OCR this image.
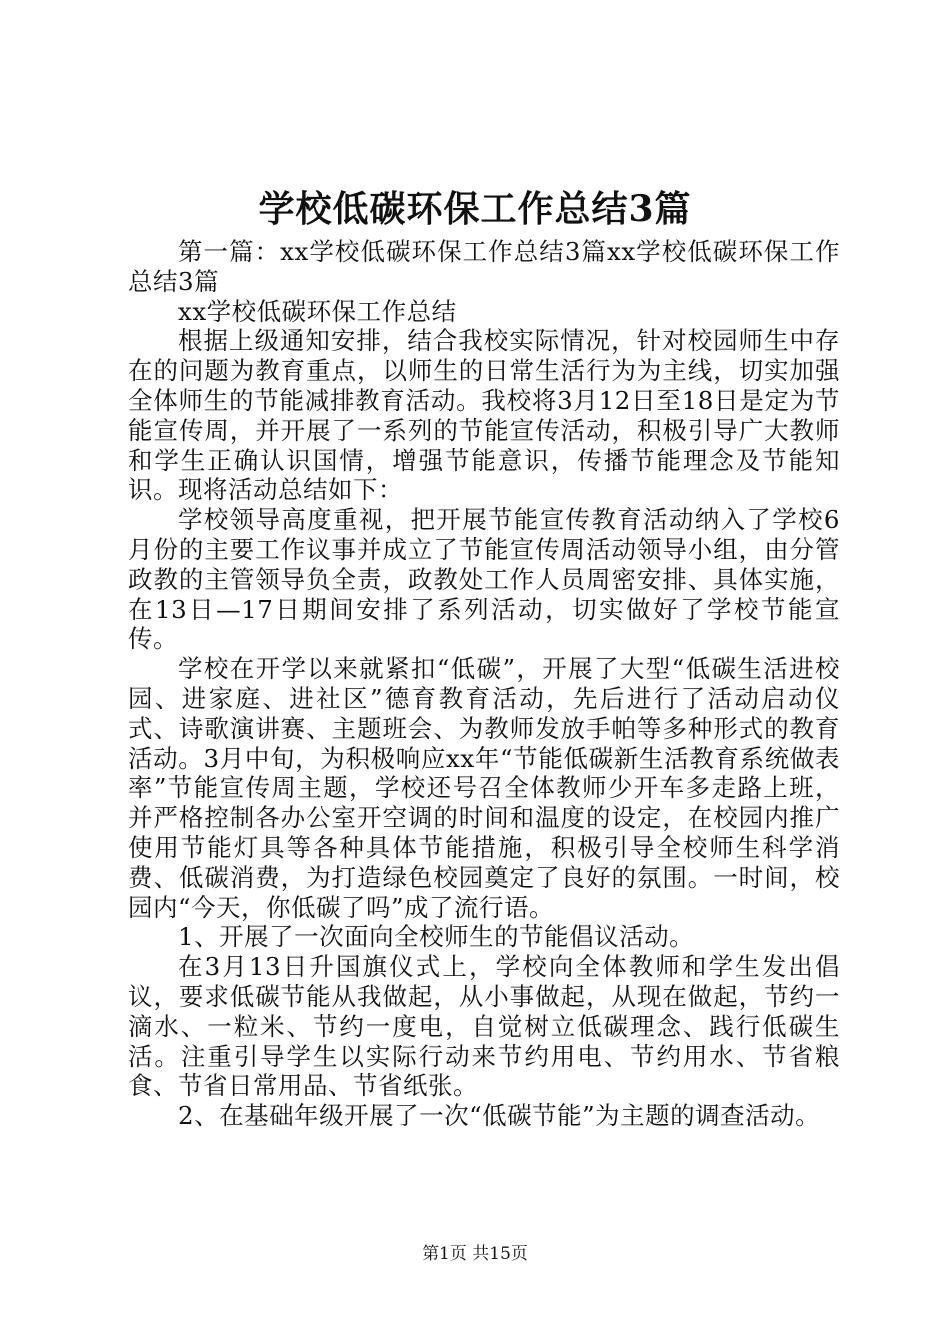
学校低碳环保工作总结3篇

第一篇：xx学校低碳环保工作总结3篇xx学校低碳环保工作总结3篇

xx学校低碳环保工作总结

根据上级通知安排，结合我校实际情况，针对校园师生中存在的问题为教育重点，以师生的日常生活行为为主线，切实加强全体师生的节能减排教育活动。我校将3月12日至18日是定为节能宣传周，并开展了一系列的节能宣传活动，积极引导广大教师和学生正确认识国情，增强节能意识，传播节能理念及节能知识。现将活动总结如下：

学校领导高度重视，把开展节能宣传教育活动纳入了学校6月份的主要工作议事并成立了节能宣传周活动领导小组，由分管政教的主管领导负全责，政教处工作人员周密安排、具体实施，在13日—17日期间安排了系列活动，切实做好了学校节能宣传。

学校在开学以来就紧扣“低碳”，开展了大型“低碳生活进校园、进家庭、进社区”德育教育活动，先后进行了活动启动仪式、诗歌演讲赛、主题班会、为教师发放手帕等多种形式的教育活动。3月中旬，为积极响应xx年“节能低碳新生活教育系统做表率”节能宣传周主题，学校还号召全体教师少开车多走路上班，并严格控制各办公室开空调的时间和温度的设定，在校园内推广使用节能灯具等各种具体节能措施，积极引导全校师生科学消费、低碳消费，为打造绿色校园奠定了良好的氛围。一时间，校园内“今天，你低碳了吗”成了流行语。

1、开展了一次面向全校师生的节能倡议活动。

在3月13日升国旗仪式上，学校向全体教师和学生发出倡议，要求低碳节能从我做起，从小事做起，从现在做起，节约一滴水、一粒米、节约一度电，自觉树立低碳理念、践行低碳生活。注重引导学生以实际行动来节约用电、节约用水、节省粮食、节省日常用品、节省纸张。

2、在基础年级开展了一次“低碳节能”为主题的调查活动。

第1页 共15页
